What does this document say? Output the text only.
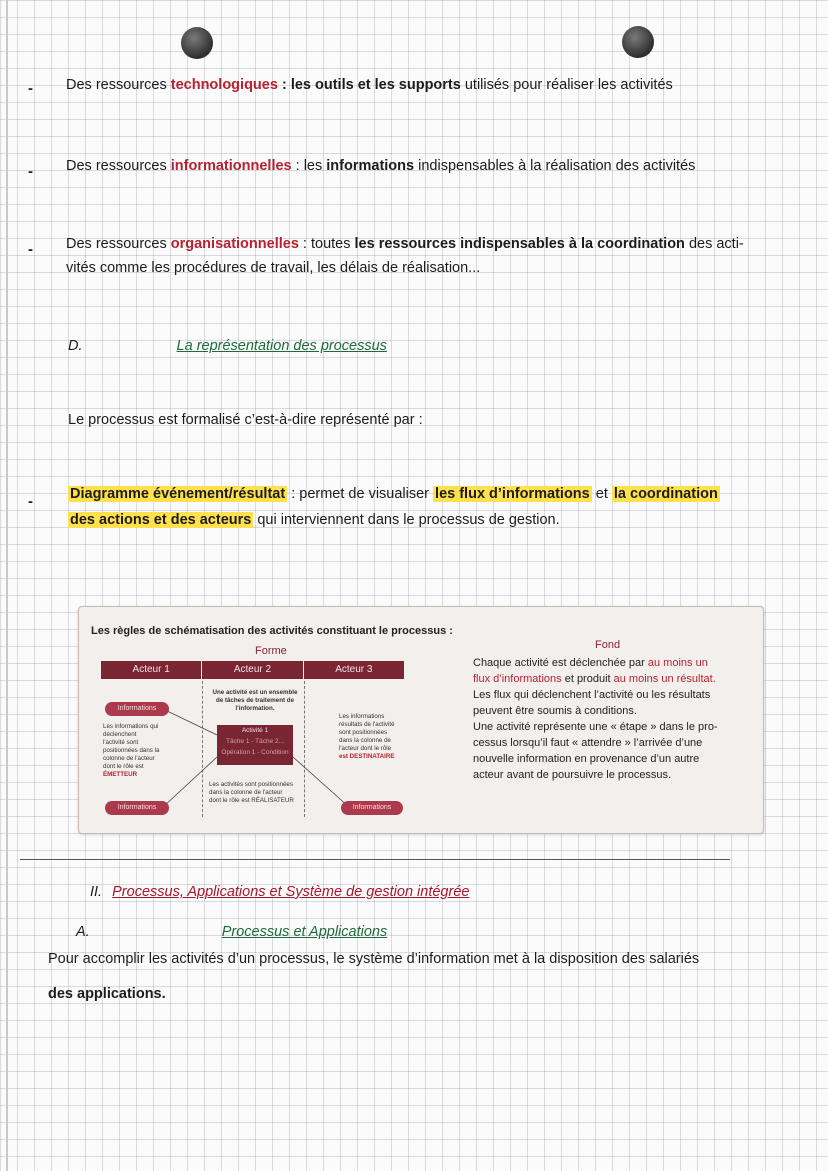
- Des ressources technologiques : les outils et les supports utilisés pour réaliser les activités
- Des ressources informationnelles : les informations indispensables à la réalisation des activités
- Des ressources organisationnelles : toutes les ressources indispensables à la coordination des acti-
vités comme les procédures de travail, les délais de réalisation...
D.	La représentation des processus
Le processus est formalisé c’est-à-dire représenté par :
-	Diagramme événement/résultat : permet de visualiser les flux d’informations et la coordination
des actions et des acteurs qui interviennent dans le processus de gestion.
Les règles de schématisation des activités constituant le processus :
Forme	Fond
Acteur 1	Acteur 2	Acteur 3
Informations
Informations	Informations
Les informations qui
déclenchent
l'activité sont
positionnées dans la
colonne de l'acteur
dont le rôle est
ÉMETTEUR
Une activité est un ensemble
de tâches de traitement de
l'information.
Activité 1
Tâche 1 - Tâche 2...
Opération 1 - Condition
Les activités sont positionnées
dans la colonne de l'acteur
dont le rôle est RÉALISATEUR
Les informations
résultats de l'activité
sont positionnées
dans la colonne de
l'acteur dont le rôle
est DESTINATAIRE
Chaque activité est déclenchée par au moins un
flux d’informations et produit au moins un résultat.
Les flux qui déclenchent l’activité ou les résultats
peuvent être soumis à conditions.
Une activité représente une « étape » dans le pro-
cessus lorsqu’il faut « attendre » l’arrivée d’une
nouvelle information en provenance d’un autre
acteur avant de poursuivre le processus.
II. Processus, Applications et Système de gestion intégrée
A.	Processus et Applications
Pour accomplir les activités d’un processus, le système d’information met à la disposition des salariés
des applications.
